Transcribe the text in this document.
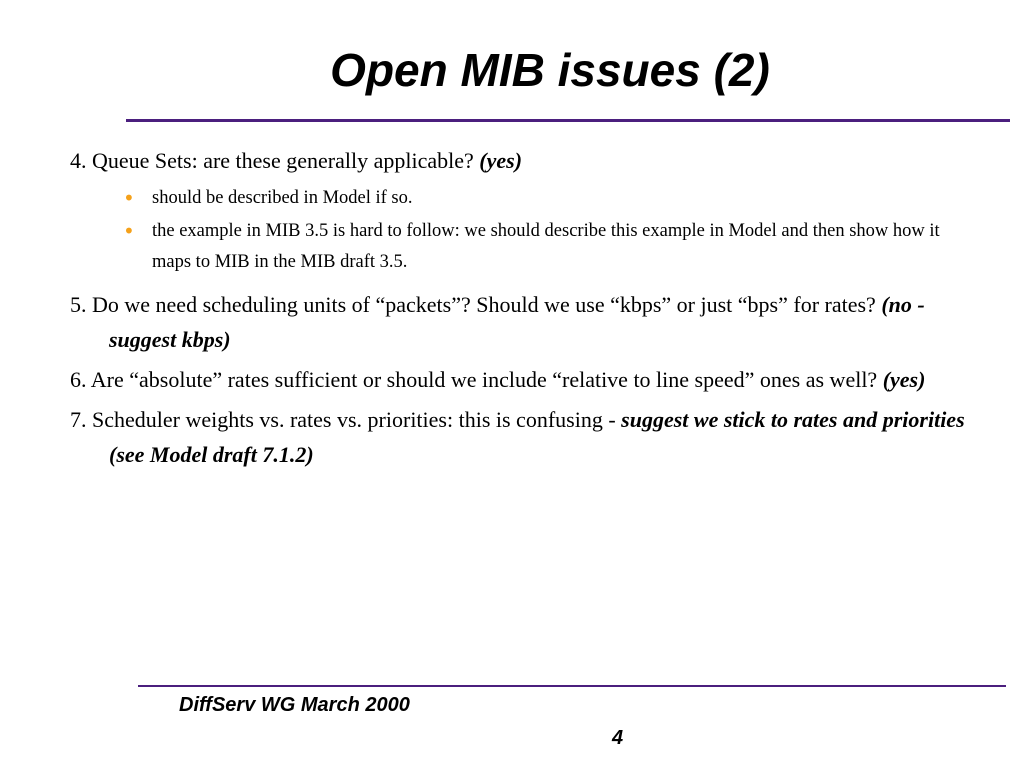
Open MIB issues (2)
4. Queue Sets: are these generally applicable? (yes)
• should be described in Model if so.
• the example in MIB 3.5 is hard to follow: we should describe this example in Model and then show how it maps to MIB in the MIB draft 3.5.
5. Do we need scheduling units of “packets”? Should we use “kbps” or just “bps” for rates? (no - suggest kbps)
6. Are “absolute” rates sufficient or should we include “relative to line speed” ones as well? (yes)
7. Scheduler weights vs. rates vs. priorities: this is confusing - suggest we stick to rates and priorities (see Model draft 7.1.2)
DiffServ WG March 2000
4
